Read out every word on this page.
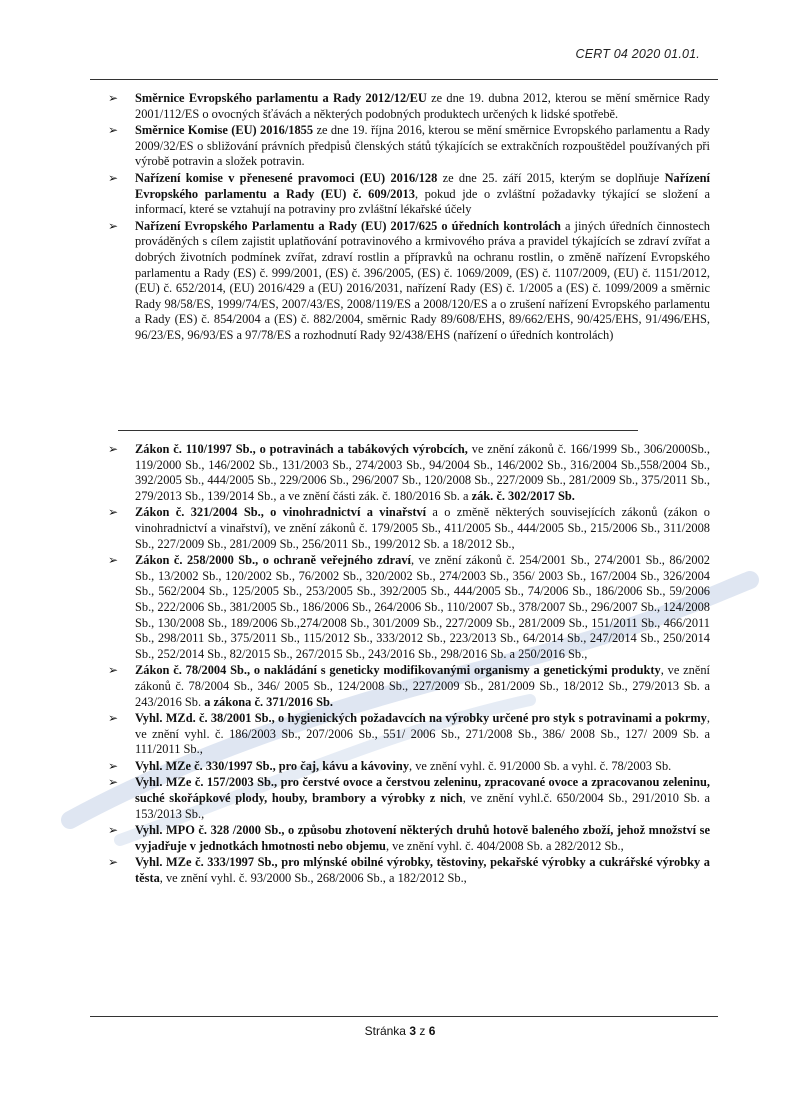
CERT 04 2020 01.01.
➢ Směrnice Evropského parlamentu a Rady 2012/12/EU ze dne 19. dubna 2012, kterou se mění směrnice Rady 2001/112/ES o ovocných šťávách a některých podobných produktech určených k lidské spotřebě.
➢ Směrnice Komise (EU) 2016/1855 ze dne 19. října 2016, kterou se mění směrnice Evropského parlamentu a Rady 2009/32/ES o sbližování právních předpisů členských států týkajících se extrakčních rozpouštědel používaných při výrobě potravin a složek potravin.
➢ Nařízení komise v přenesené pravomoci (EU) 2016/128 ze dne 25. září 2015, kterým se doplňuje Nařízení Evropského parlamentu a Rady (EU) č. 609/2013, pokud jde o zvláštní požadavky týkající se složení a informací, které se vztahují na potraviny pro zvláštní lékařské účely
➢ Nařízení Evropského Parlamentu a Rady (EU) 2017/625 o úředních kontrolách a jiných úředních činnostech prováděných s cílem zajistit uplatňování potravinového a krmivového práva a pravidel týkajících se zdraví zvířat a dobrých životních podmínek zvířat, zdraví rostlin a přípravků na ochranu rostlin, o změně nařízení Evropského parlamentu a Rady (ES) č. 999/2001, (ES) č. 396/2005, (ES) č. 1069/2009, (ES) č. 1107/2009, (EU) č. 1151/2012, (EU) č. 652/2014, (EU) 2016/429 a (EU) 2016/2031, nařízení Rady (ES) č. 1/2005 a (ES) č. 1099/2009 a směrnic Rady 98/58/ES, 1999/74/ES, 2007/43/ES, 2008/119/ES a 2008/120/ES a o zrušení nařízení Evropského parlamentu a Rady (ES) č. 854/2004 a (ES) č. 882/2004, směrnic Rady 89/608/EHS, 89/662/EHS, 90/425/EHS, 91/496/EHS, 96/23/ES, 96/93/ES a 97/78/ES a rozhodnutí Rady 92/438/EHS (nařízení o úředních kontrolách)
➢ Zákon č. 110/1997 Sb., o potravinách a tabákových výrobcích, ve znění zákonů č. 166/1999 Sb., 306/2000Sb., 119/2000 Sb., 146/2002 Sb., 131/2003 Sb., 274/2003 Sb., 94/2004 Sb., 146/2002 Sb., 316/2004 Sb.,558/2004 Sb., 392/2005 Sb., 444/2005 Sb., 229/2006 Sb., 296/2007 Sb., 120/2008 Sb., 227/2009 Sb., 281/2009 Sb., 375/2011 Sb., 279/2013 Sb., 139/2014 Sb., a ve znění části zák. č. 180/2016 Sb. a zák. č. 302/2017 Sb.
➢ Zákon č. 321/2004 Sb., o vinohradnictví a vinařství a o změně některých souvisejících zákonů (zákon o vinohradnictví a vinařství), ve znění zákonů č. 179/2005 Sb., 411/2005 Sb., 444/2005 Sb., 215/2006 Sb., 311/2008 Sb., 227/2009 Sb., 281/2009 Sb., 256/2011 Sb., 199/2012 Sb. a 18/2012 Sb.,
➢ Zákon č. 258/2000 Sb., o ochraně veřejného zdraví, ve znění zákonů č. 254/2001 Sb., 274/2001 Sb., 86/2002 Sb., 13/2002 Sb., 120/2002 Sb., 76/2002 Sb., 320/2002 Sb., 274/2003 Sb., 356/ 2003 Sb., 167/2004 Sb., 326/2004 Sb., 562/2004 Sb., 125/2005 Sb., 253/2005 Sb., 392/2005 Sb., 444/2005 Sb., 74/2006 Sb., 186/2006 Sb., 59/2006 Sb., 222/2006 Sb., 381/2005 Sb., 186/2006 Sb., 264/2006 Sb., 110/2007 Sb., 378/2007 Sb., 296/2007 Sb., 124/2008 Sb., 130/2008 Sb., 189/2006 Sb.,274/2008 Sb., 301/2009 Sb., 227/2009 Sb., 281/2009 Sb., 151/2011 Sb., 466/2011 Sb., 298/2011 Sb., 375/2011 Sb., 115/2012 Sb., 333/2012 Sb., 223/2013 Sb., 64/2014 Sb., 247/2014 Sb., 250/2014 Sb., 252/2014 Sb., 82/2015 Sb., 267/2015 Sb., 243/2016 Sb., 298/2016 Sb. a 250/2016 Sb.,
➢ Zákon č. 78/2004 Sb., o nakládání s geneticky modifikovanými organismy a genetickými produkty, ve znění zákonů č. 78/2004 Sb., 346/ 2005 Sb., 124/2008 Sb., 227/2009 Sb., 281/2009 Sb., 18/2012 Sb., 279/2013 Sb. a 243/2016 Sb. a zákona č. 371/2016 Sb.
➢ Vyhl. MZd. č. 38/2001 Sb., o hygienických požadavcích na výrobky určené pro styk s potravinami a pokrmy, ve znění vyhl. č. 186/2003 Sb., 207/2006 Sb., 551/ 2006 Sb., 271/2008 Sb., 386/ 2008 Sb., 127/ 2009 Sb. a 111/2011 Sb.,
➢ Vyhl. MZe č. 330/1997 Sb., pro čaj, kávu a kávoviny, ve znění vyhl. č. 91/2000 Sb. a vyhl. č. 78/2003 Sb.
➢ Vyhl. MZe č. 157/2003 Sb., pro čerstvé ovoce a čerstvou zeleninu, zpracované ovoce a zpracovanou zeleninu, suché skořápkové plody, houby, brambory a výrobky z nich, ve znění vyhl.č. 650/2004 Sb., 291/2010 Sb. a 153/2013 Sb.,
➢ Vyhl. MPO č. 328 /2000 Sb., o způsobu zhotovení některých druhů hotově baleného zboží, jehož množství se vyjadřuje v jednotkách hmotnosti nebo objemu, ve znění vyhl. č. 404/2008 Sb. a 282/2012 Sb.,
➢ Vyhl. MZe č. 333/1997 Sb., pro mlýnské obilné výrobky, těstoviny, pekařské výrobky a cukrářské výrobky a těsta, ve znění vyhl. č. 93/2000 Sb., 268/2006 Sb., a 182/2012 Sb.,
Stránka 3 z 6
